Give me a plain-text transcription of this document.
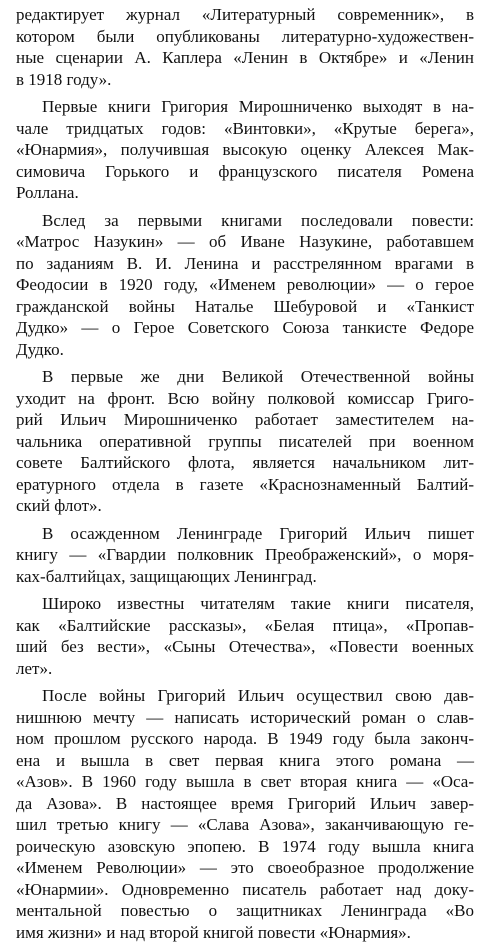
редактирует журнал «Литературный современник», в
котором были опубликованы литературно-художествен-
ные сценарии А. Каплера «Ленин в Октябре» и «Ленин
в 1918 году».

Первые книги Григория Мирошниченко выходят в на-
чале тридцатых годов: «Винтовки», «Крутые берега»,
«Юнармия», получившая высокую оценку Алексея Мак-
симовича Горького и французского писателя Ромена
Роллана.

Вслед за первыми книгами последовали повести:
«Матрос Назукин» — об Иване Назукине, работавшем
по заданиям В. И. Ленина и расстрелянном врагами в
Феодосии в 1920 году, «Именем революции» — о герое
гражданской войны Наталье Шебуровой и «Танкист
Дудко» — о Герое Советского Союза танкисте Федоре
Дудко.

В первые же дни Великой Отечественной войны
уходит на фронт. Всю войну полковой комиссар Григо-
рий Ильич Мирошниченко работает заместителем на-
чальника оперативной группы писателей при военном
совете Балтийского флота, является начальником лит-
ературного отдела в газете «Краснознаменный Балтий-
ский флот».

В осажденном Ленинграде Григорий Ильич пишет
книгу — «Гвардии полковник Преображенский», о моря-
ках-балтийцах, защищающих Ленинград.

Широко известны читателям такие книги писателя,
как «Балтийские рассказы», «Белая птица», «Пропав-
ший без вести», «Сыны Отечества», «Повести военных
лет».

После войны Григорий Ильич осуществил свою дав-
нишнюю мечту — написать исторический роман о слав-
ном прошлом русского народа. В 1949 году была законч-
ена и вышла в свет первая книга этого романа —
«Азов». В 1960 году вышла в свет вторая книга — «Оса-
да Азова». В настоящее время Григорий Ильич завер-
шил третью книгу — «Слава Азова», заканчивающую ге-
роическую азовскую эпопею. В 1974 году вышла книга
«Именем Революции» — это своеобразное продолжение
«Юнармии». Одновременно писатель работает над доку-
ментальной повестью о защитниках Ленинграда «Во
имя жизни» и над второй книгой повести «Юнармия».
